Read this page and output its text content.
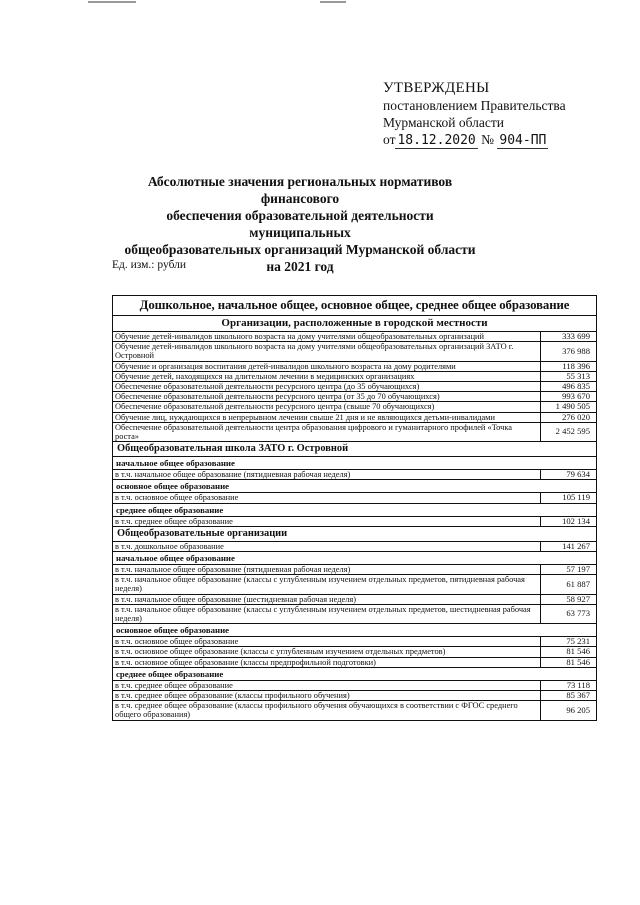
УТВЕРЖДЕНЫ
постановлением Правительства
Мурманской области
от 18.12.2020 № 904-ПП
Абсолютные значения региональных нормативов финансового
обеспечения образовательной деятельности муниципальных
общеобразовательных организаций Мурманской области
на 2021 год
Ед. изм.: рубли
Дошкольное, начальное общее, основное общее, среднее общее образование	
Организации, расположенные в городской местности	
Обучение детей-инвалидов школьного возраста на дому учителями общеобразовательных организаций	333 699
Обучение детей-инвалидов школьного возраста на дому учителями общеобразовательных организаций ЗАТО г. Островной	376 988
Обучение и организация воспитания детей-инвалидов школьного возраста на дому родителями	118 396
Обучение детей, находящихся на длительном лечении в медицинских организациях	55 313
Обеспечение образовательной деятельности ресурсного центра (до 35 обучающихся)	496 835
Обеспечение образовательной деятельности ресурсного центра (от 35 до 70 обучающихся)	993 670
Обеспечение образовательной деятельности ресурсного центра (свыше 70 обучающихся)	1 490 505
Обучение лиц, нуждающихся в непрерывном лечении свыше 21 дня и не являющихся детьми-инвалидами	276 020
Обеспечение образовательной деятельности центра образования цифрового и гуманитарного профилей «Точка роста»	2 452 595
Общеобразовательная школа ЗАТО г. Островной	
начальное общее образование	
в т.ч. начальное общее образование (пятидневная рабочая неделя)	79 634
основное общее образование	
в т.ч. основное общее образование	105 119
среднее общее образование	
в т.ч. среднее общее образование	102 134
Общеобразовательные организации	
в т.ч. дошкольное образование	141 267
начальное общее образование	
в т.ч. начальное общее образование (пятидневная рабочая неделя)	57 197
в т.ч. начальное общее образование (классы с углубленным изучением отдельных предметов, пятидневная рабочая неделя)	61 887
в т.ч. начальное общее образование (шестидневная рабочая неделя)	58 927
в т.ч. начальное общее образование (классы с углубленным изучением отдельных предметов, шестидневная рабочая неделя)	63 773
основное общее образование	
в т.ч. основное общее образование	75 231
в т.ч. основное общее образование (классы с углубленным изучением отдельных предметов)	81 546
в т.ч. основное общее образование (классы предпрофильной подготовки)	81 546
среднее общее образование	
в т.ч. среднее общее образование	73 118
в т.ч. среднее общее образование (классы профильного обучения)	85 367
в т.ч. среднее общее образование (классы профильного обучения обучающихся в соответствии с ФГОС среднего общего образования)	96 205
